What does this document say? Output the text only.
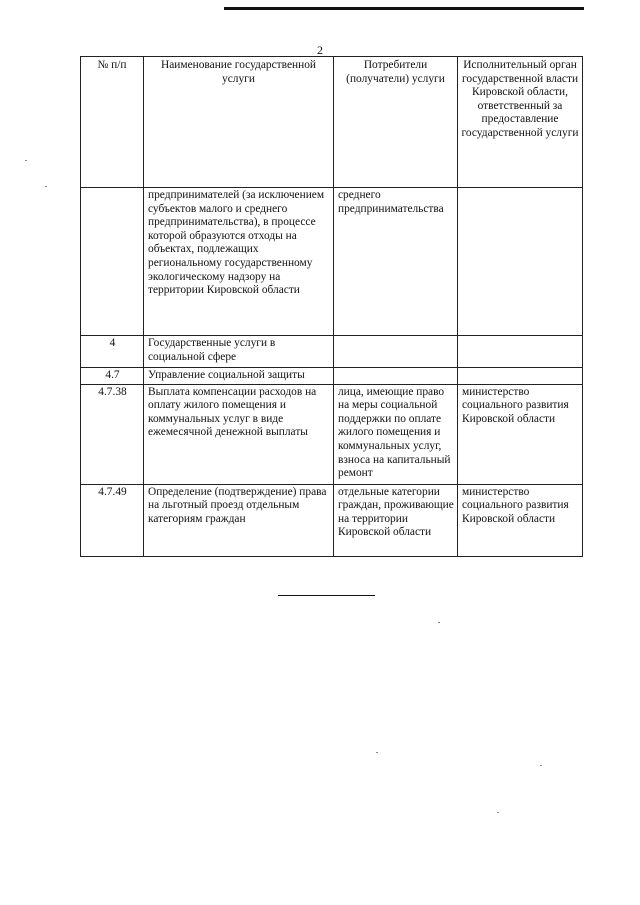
2
№ п/п	Наименование государственной услуги	Потребители (получатели) услуги	Исполнительный орган государственной власти Кировской области, ответственный за предоставление государственной услуги
	предпринимателей (за исключением субъектов малого и среднего предпринимательства), в процессе которой образуются отходы на объектах, подлежащих региональному государственному экологическому надзору на территории Кировской области	среднего предпринимательства	
4	Государственные услуги в социальной сфере		
4.7	Управление социальной защиты		
4.7.38	Выплата компенсации расходов на оплату жилого помещения и коммунальных услуг в виде ежемесячной денежной выплаты	лица, имеющие право на меры социальной поддержки по оплате жилого помещения и коммунальных услуг, взноса на капитальный ремонт	министерство социального развития Кировской области
4.7.49	Определение (подтверждение) права на льготный проезд отдельным категориям граждан	отдельные категории граждан, проживающие на территории Кировской области	министерство социального развития Кировской области
